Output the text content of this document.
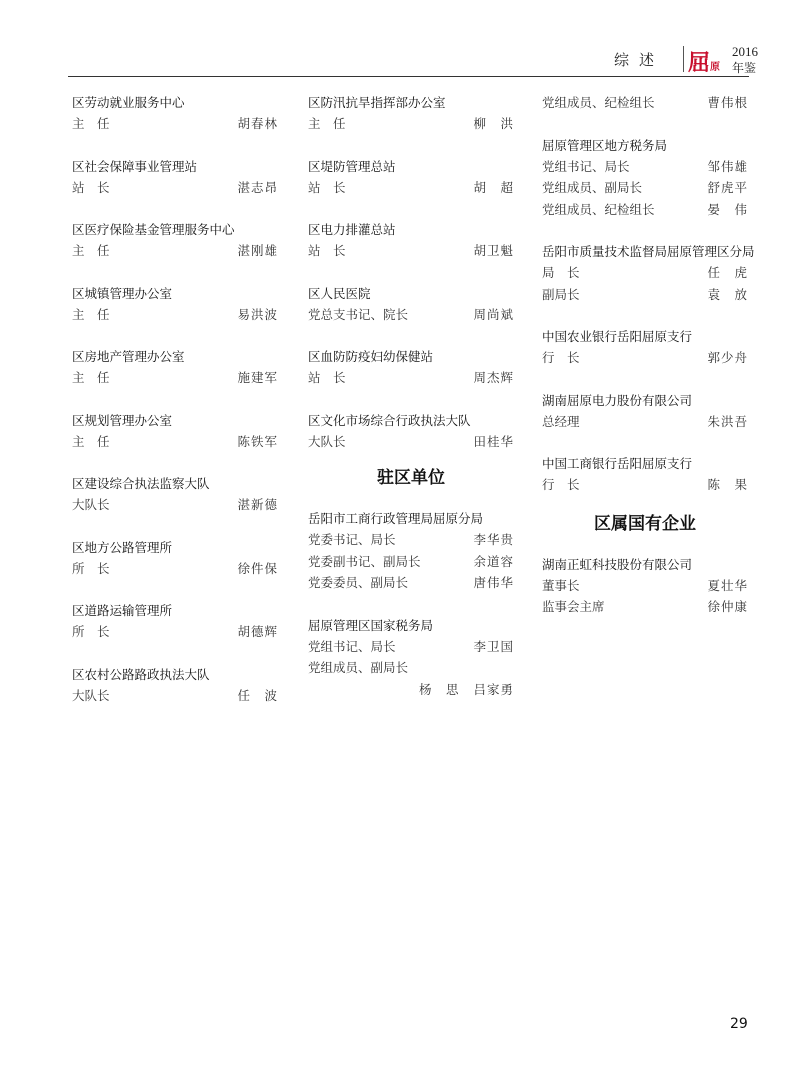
综述 屈 原
2016
年鉴
区劳动就业服务中心
主　任	胡春林
区社会保障事业管理站
站　长	湛志昂
区医疗保险基金管理服务中心
主　任	湛刚雄
区城镇管理办公室
主　任	易洪波
区房地产管理办公室
主　任	施建军
区规划管理办公室
主　任	陈铁军
区建设综合执法监察大队
大队长	湛新德
区地方公路管理所
所　长	徐件保
区道路运输管理所
所　长	胡德辉
区农村公路路政执法大队
大队长	任　波
区防汛抗旱指挥部办公室
主　任	柳　洪
区堤防管理总站
站　长	胡　超
区电力排灌总站
站　长	胡卫魁
区人民医院
党总支书记、院长	周尚斌
区血防防疫妇幼保健站
站　长	周杰辉
区文化市场综合行政执法大队
大队长	田桂华
驻区单位
岳阳市工商行政管理局屈原分局
党委书记、局长	李华贵
党委副书记、副局长	余道容
党委委员、副局长	唐伟华
屈原管理区国家税务局
党组书记、局长	李卫国
党组成员、副局长
杨　思 吕家勇
党组成员、纪检组长	曹伟根
屈原管理区地方税务局
党组书记、局长	邹伟雄
党组成员、副局长	舒虎平
党组成员、纪检组长	晏　伟
岳阳市质量技术监督局屈原管理区分局
局　长	任　虎
副局长	袁　放
中国农业银行岳阳屈原支行
行　长	郭少舟
湖南屈原电力股份有限公司
总经理	朱洪吾
中国工商银行岳阳屈原支行
行　长	陈　果
区属国有企业
湖南正虹科技股份有限公司
董事长	夏壮华
监事会主席	徐仲康
29
